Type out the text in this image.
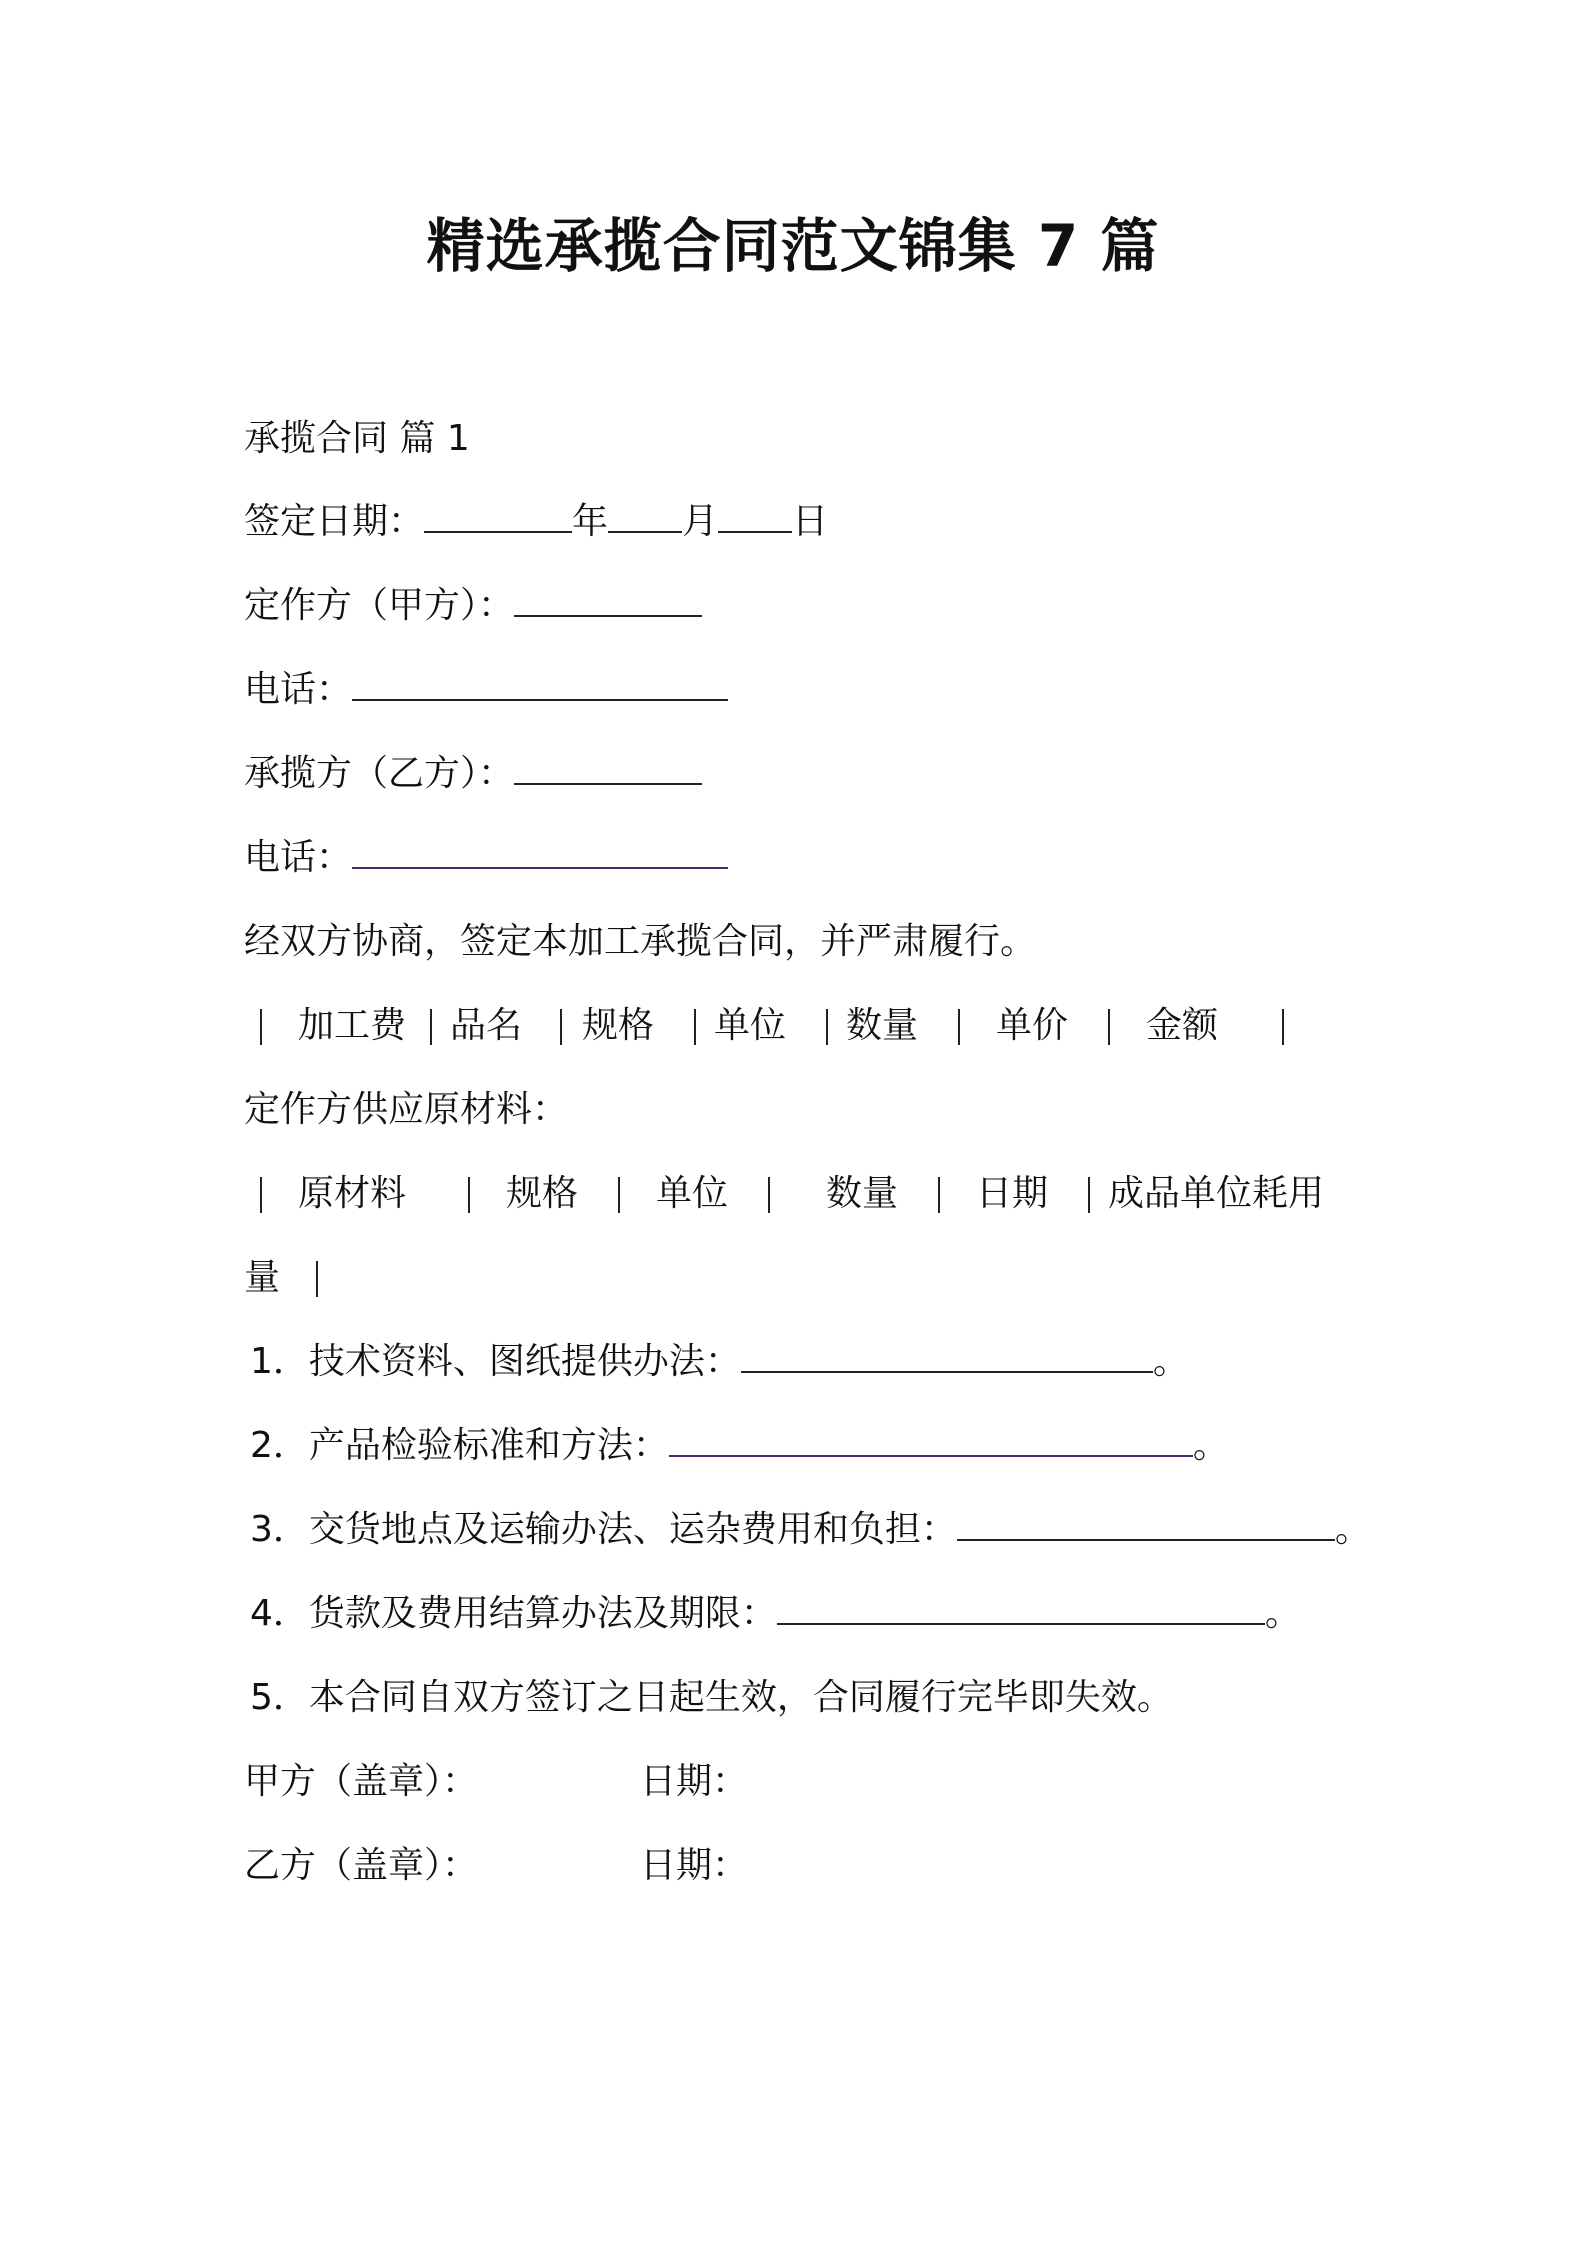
精选承揽合同范文锦集 7 篇
承揽合同 篇 1
签定日期：	年 月 日
定作方（甲方）：
电话：
承揽方（乙方）：
电话：
经双方协商，签定本加工承揽合同，并严肃履行。
加工费 品名 规格 单位 数量 单价 金额
定作方供应原材料：
原材料	规格 单位	数量 日期 成品单位耗用
量
1．技术资料、图纸提供办法：	。
2．产品检验标准和方法：	。
3．交货地点及运输办法、运杂费用和负担：	。
4．货款及费用结算办法及期限：	。
5．本合同自双方签订之日起生效，合同履行完毕即失效。
甲方（盖章）：	日期：
乙方（盖章）：	日期：
